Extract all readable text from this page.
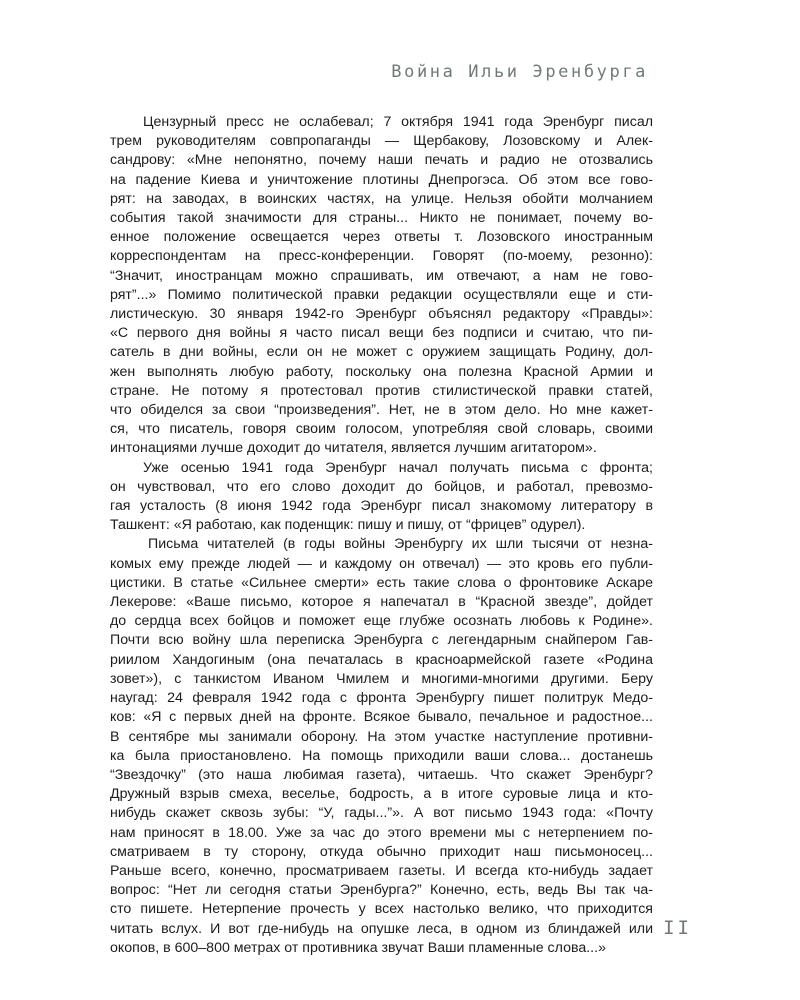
Война Ильи Эренбурга
Цензурный пресс не ослабевал; 7 октября 1941 года Эренбург писал
трем руководителям совпропаганды — Щербакову, Лозовскому и Алек-
сандрову: «Мне непонятно, почему наши печать и радио не отозвались
на падение Киева и уничтожение плотины Днепрогэса. Об этом все гово-
рят: на заводах, в воинских частях, на улице. Нельзя обойти молчанием
события такой значимости для страны... Никто не понимает, почему во-
енное положение освещается через ответы т. Лозовского иностранным
корреспондентам на пресс-конференции. Говорят (по-моему, резонно):
“Значит, иностранцам можно спрашивать, им отвечают, а нам не гово-
рят”...» Помимо политической правки редакции осуществляли еще и сти-
листическую. 30 января 1942-го Эренбург объяснял редактору «Правды»:
«С первого дня войны я часто писал вещи без подписи и считаю, что пи-
сатель в дни войны, если он не может с оружием защищать Родину, дол-
жен выполнять любую работу, поскольку она полезна Красной Армии и
стране. Не потому я протестовал против стилистической правки статей,
что обиделся за свои “произведения”. Нет, не в этом дело. Но мне кажет-
ся, что писатель, говоря своим голосом, употребляя свой словарь, своими
интонациями лучше доходит до читателя, является лучшим агитатором».
Уже осенью 1941 года Эренбург начал получать письма с фронта;
он чувствовал, что его слово доходит до бойцов, и работал, превозмо-
гая усталость (8 июня 1942 года Эренбург писал знакомому литератору в
Ташкент: «Я работаю, как поденщик: пишу и пишу, от “фрицев” одурел).
Письма читателей (в годы войны Эренбургу их шли тысячи от незна-
комых ему прежде людей — и каждому он отвечал) — это кровь его публи-
цистики. В статье «Сильнее смерти» есть такие слова о фронтовике Аскаре
Лекерове: «Ваше письмо, которое я напечатал в “Красной звезде”, дойдет
до сердца всех бойцов и поможет еще глубже осознать любовь к Родине».
Почти всю войну шла переписка Эренбурга с легендарным снайпером Гав-
риилом Хандогиным (она печаталась в красноармейской газете «Родина
зовет»), с танкистом Иваном Чмилем и многими-многими другими. Беру
наугад: 24 февраля 1942 года с фронта Эренбургу пишет политрук Медо-
ков: «Я с первых дней на фронте. Всякое бывало, печальное и радостное...
В сентябре мы занимали оборону. На этом участке наступление противни-
ка была приостановлено. На помощь приходили ваши слова... достанешь
“Звездочку” (это наша любимая газета), читаешь. Что скажет Эренбург?
Дружный взрыв смеха, веселье, бодрость, а в итоге суровые лица и кто-
нибудь скажет сквозь зубы: “У, гады...”». А вот письмо 1943 года: «Почту
нам приносят в 18.00. Уже за час до этого времени мы с нетерпением по-
сматриваем в ту сторону, откуда обычно приходит наш письмоносец...
Раньше всего, конечно, просматриваем газеты. И всегда кто-нибудь задает
вопрос: “Нет ли сегодня статьи Эренбурга?” Конечно, есть, ведь Вы так ча-
сто пишете. Нетерпение прочесть у всех настолько велико, что приходится
читать вслух. И вот где-нибудь на опушке леса, в одном из блиндажей или
окопов, в 600–800 метрах от противника звучат Ваши пламенные слова...»
II
